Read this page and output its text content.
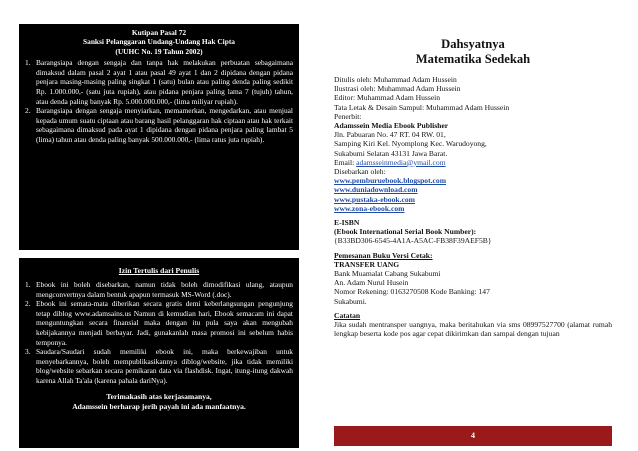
Kutipan Pasal 72
Sanksi Pelanggaran Undang-Undang Hak Cipta
(UUHC No. 19 Tahun 2002)
1. Barangsiapa dengan sengaja dan tanpa hak melakukan perbuatan sebagaimana dimaksud dalam pasal 2 ayat 1 atau pasal 49 ayat 1 dan 2 dipidana dengan pidana penjara masing-masing paling singkat 1 (satu) bulan atau paling denda paling sedikit Rp. 1.000.000,- (satu juta rupiah), atau pidana penjara paling lama 7 (tujuh) tahun, atau denda paling banyak Rp. 5.000.000.000,- (lima miliyar rupiah).
2. Barangsiapa dengan sengaja menyiarkan, memamerkan, mengedarkan, atau menjual kepada umum suatu ciptaan atau barang hasil pelanggaran hak ciptaan atau hak terkait sebagaimana dimaksud pada ayat 1 dipidana dengan pidana penjara paling lambat 5 (lima) tahun atau denda paling banyak 500.000.000,- (lima ratus juta rupiah).
Izin Tertulis dari Penulis
1. Ebook ini boleh disebarkan, namun tidak boleh dimodifikasi ulang, ataupun mengconvertnya dalam bentuk apapun termasuk MS-Word (.doc).
2. Ebook ini semata-mata diberikan secara gratis demi keberlangsungan pengunjung tetap diblog www.adamsains.us Namun di kemudian hari, Ebook semacam ini dapat menguntungkan secara finansial maka dengan itu pula saya akan mengubah kebijakannya menjadi berbayar. Jadi, gunakanlah masa promosi ini sebelum habis temponya.
3. Saudara/Saudari sudah memiliki ebook ini, maka berkewajiban untuk menyebarkannya, boleh mempublikasikannya diblog/website, jika tidak memiliki blog/website sebarkan secara pemikaran data via flashdisk. Ingat, itung-itung dakwah karena Allah Ta'ala (karena pahala dariNya).
Terimakasih atas kerjasamanya,
Adamssein berharap jerih payah ini ada manfaatnya.
Dahsyatnya
Matematika Sedekah
Ditulis oleh: Muhammad Adam Hussein
Ilustrasi oleh: Muhammad Adam Hussein
Editor: Muhammad Adam Hussein
Tata Letak & Desain Sampul: Muhammad Adam Hussein
Penerbit:
Adamssein Media Ebook Publisher
Jln. Pabuaran No. 47 RT. 04 RW. 01,
Samping Kiri Kel. Nyomplong Kec. Warudoyong,
Sukabumi Selatan 43131 Jawa Barat.
Email: adamsseinmedia@ymail.com
Disebarkan oleh:
www.pemburuebook.blogspot.com
www.duniadownload.com
www.pustaka-ebook.com
www.zona-ebook.com
E-ISBN
(Ebook International Serial Book Number):
{B33BD306-6545-4A1A-A5AC-FB38F39AEF5B}
Pemesanan Buku Versi Cetak:
TRANSFER UANG
Bank Muamalat Cabang Sukabumi
An. Adam Nurul Husein
Nomor Rekening: 0163270508 Kode Banking: 147
Sukabumi.
Catatan
Jika sudah mentransper uangnya, maka beritahukan via sms 08997527700 (alamat rumah lengkap beserta kode pos agar cepat dikirimkan dan sampai dengan tujuan
4
